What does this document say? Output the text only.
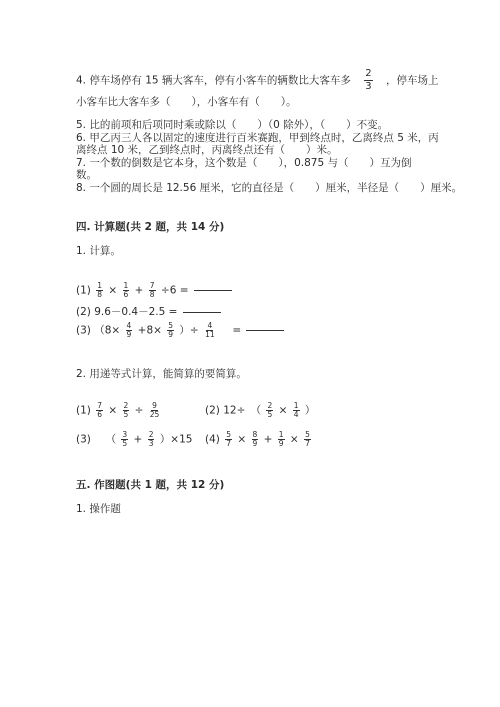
4. 停车场停有 15 辆大客车，停有小客车的辆数比大客车多 $\frac{2}{3}$ ，停车场上
小客车比大客车多（　　），小客车有（　　）。
5. 比的前项和后项同时乘或除以（　　）（0 除外），（　　）不变。
6. 甲乙丙三人各以固定的速度进行百米赛跑，甲到终点时，乙离终点 5 米，丙
离终点 10 米，乙到终点时，丙离终点还有（　　）米。
7. 一个数的倒数是它本身，这个数是（　　），0.875 与（　　）互为倒
数。
8. 一个圆的周长是 12.56 厘米，它的直径是（　　）厘米，半径是（　　）厘米。
四. 计算题(共 2 题，共 14 分)
1. 计算。
$(1) \frac{1}{8} \times \frac{1}{6} + \frac{7}{8} \div 6$ =
(2) 9.6－0.4－2.5 =
(3) （$8\times \frac{4}{9} +8\times \frac{5}{9}$ ）÷ $\frac{4}{11}$ =
2. 用递等式计算，能简算的要简算。
$(1) \frac{7}{6} \times \frac{2}{5} \div \frac{9}{25}$	(2) 12÷　（ $\frac{2}{5} \times \frac{1}{4}$ ）
(3) （ $\frac{3}{5} + \frac{2}{3} )\times 15$ $(4) \frac{5}{7} \times \frac{8}{9} + \frac{1}{9} \times \frac{5}{7}$
五. 作图题(共 1 题，共 12 分)
1. 操作题
